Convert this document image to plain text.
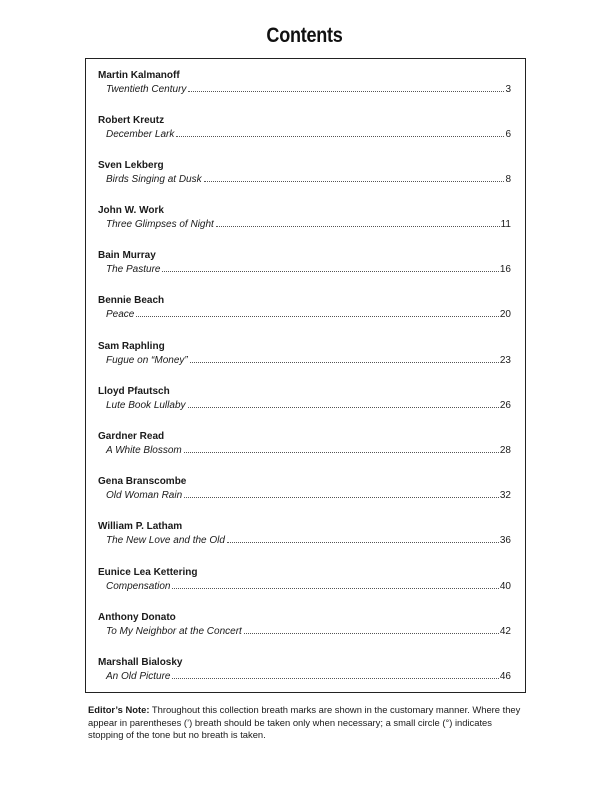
Contents
Martin Kalmanoff
Twentieth Century	3
Robert Kreutz
December Lark	6
Sven Lekberg
Birds Singing at Dusk	8
John W. Work
Three Glimpses of Night	11
Bain Murray
The Pasture	16
Bennie Beach
Peace	20
Sam Raphling
Fugue on “Money”	23
Lloyd Pfautsch
Lute Book Lullaby	26
Gardner Read
A White Blossom	28
Gena Branscombe
Old Woman Rain	32
William P. Latham
The New Love and the Old	36
Eunice Lea Kettering
Compensation	40
Anthony Donato
To My Neighbor at the Concert	42
Marshall Bialosky
An Old Picture	46
Editor’s Note: Throughout this collection breath marks are shown in the customary manner. Where they appear in parentheses (’) breath should be taken only when necessary; a small circle (°) indicates stopping of the tone but no breath is taken.
